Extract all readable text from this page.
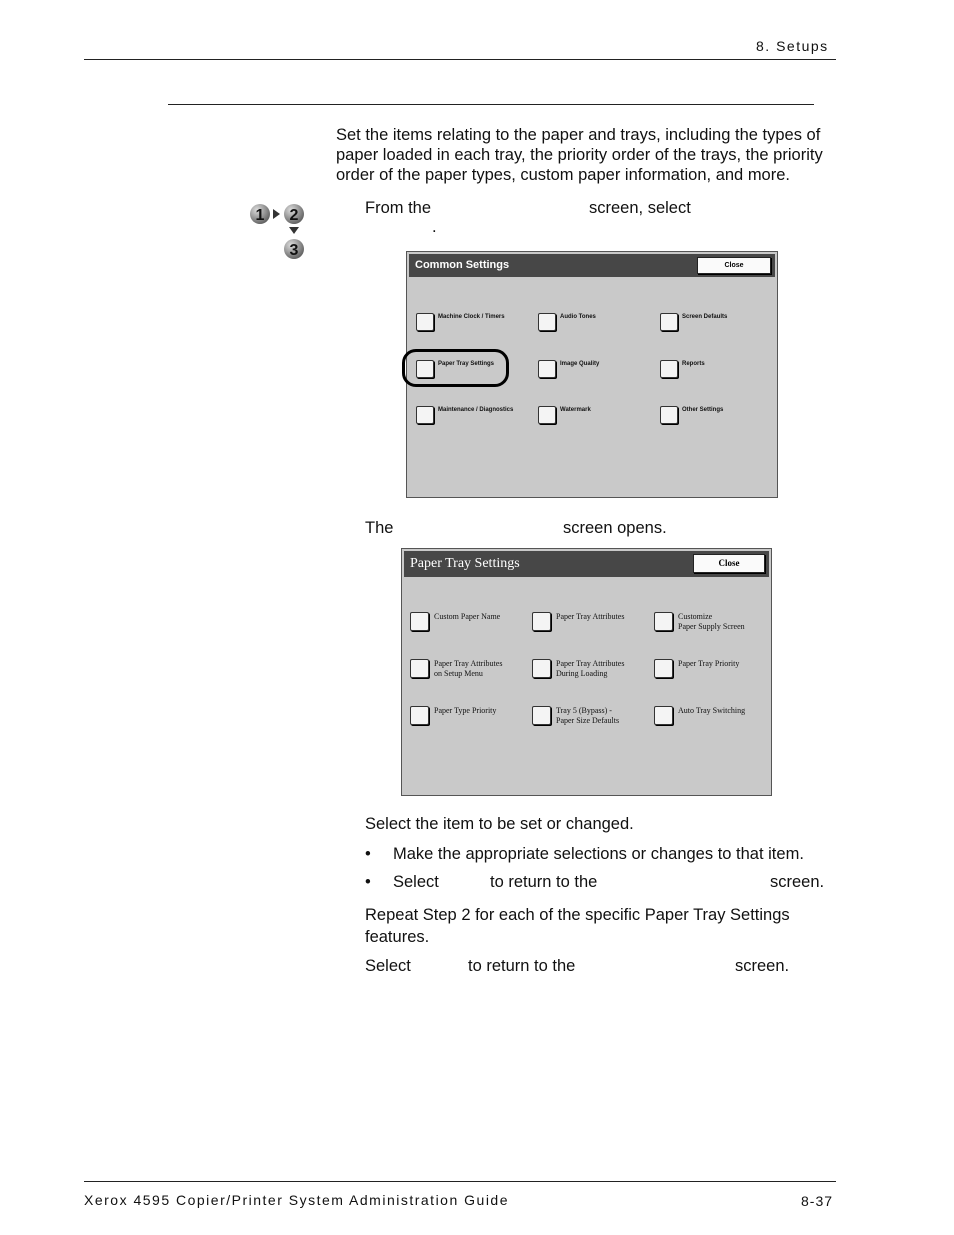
8. Setups
Set the items relating to the paper and trays, including the types of paper loaded in each tray, the priority order of the trays, the priority order of the paper types, custom paper information, and more.
1 2
3
From the	screen, select
.
Common Settings	Close
Machine Clock / Timers	Audio Tones	Screen Defaults
Paper Tray Settings	Image Quality	Reports
Maintenance / Diagnostics	Watermark	Other Settings
The	screen opens.
Paper Tray Settings	Close
Custom Paper Name	Paper Tray Attributes	Customize
Paper Supply Screen
Paper Tray Attributes
on Setup Menu
Paper Tray Attributes
During Loading
Paper Tray Priority
Paper Type Priority	Tray 5 (Bypass) -
Paper Size Defaults
Auto Tray Switching
Select the item to be set or changed.
• Make the appropriate selections or changes to that item.
• Select	to return to the	screen.
Repeat Step 2 for each of the specific Paper Tray Settings features.
Select	to return to the	screen.
Xerox 4595 Copier/Printer System Administration Guide	8-37
